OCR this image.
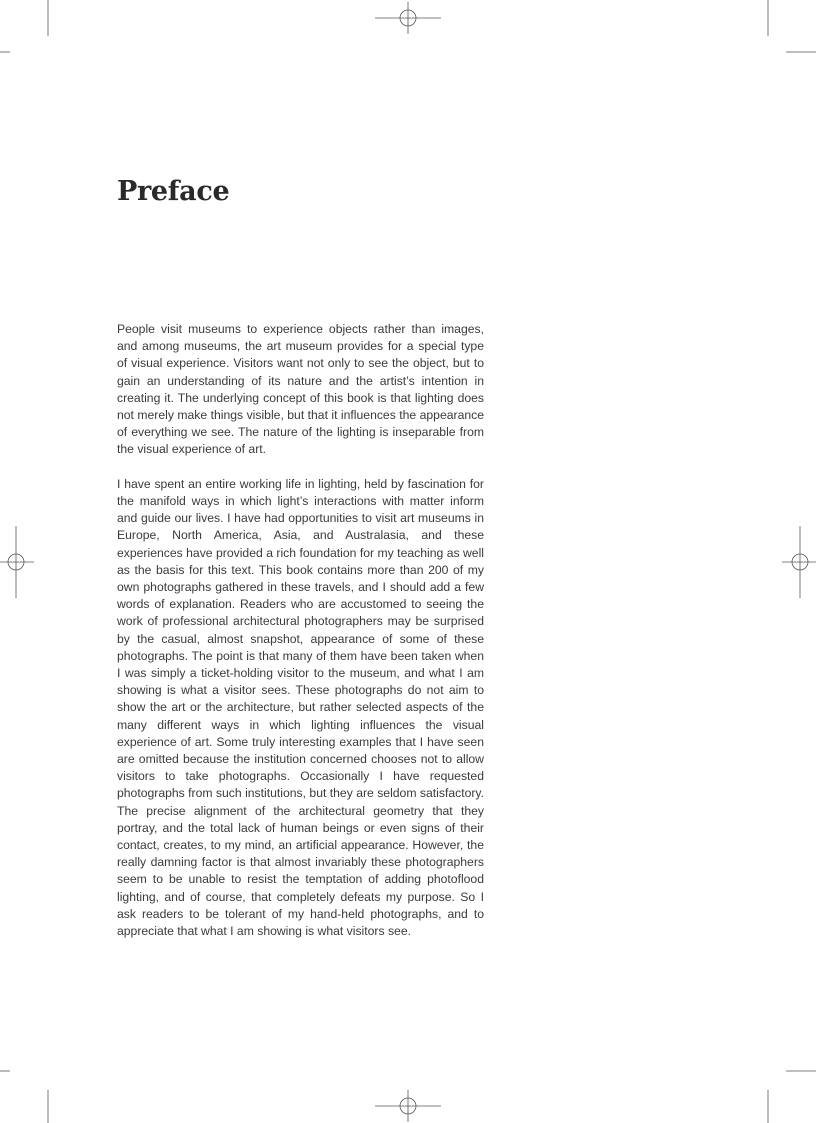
Preface

People visit museums to experience objects rather than images, and among museums, the art museum provides for a special type of visual experience. Visitors want not only to see the object, but to gain an understanding of its nature and the artist’s intention in creating it. The underlying concept of this book is that lighting does not merely make things visible, but that it influences the appearance of everything we see. The nature of the lighting is inseparable from the visual experience of art.

I have spent an entire working life in lighting, held by fascination for the manifold ways in which light’s interactions with matter inform and guide our lives. I have had opportunities to visit art museums in Europe, North America, Asia, and Australasia, and these experiences have provided a rich foundation for my teaching as well as the basis for this text. This book contains more than 200 of my own photographs gathered in these travels, and I should add a few words of explanation. Readers who are accustomed to seeing the work of professional architectural photographers may be surprised by the casual, almost snapshot, appearance of some of these photographs. The point is that many of them have been taken when I was simply a ticket-holding visitor to the museum, and what I am showing is what a visitor sees. These photographs do not aim to show the art or the architecture, but rather selected aspects of the many different ways in which lighting influences the visual experience of art. Some truly interesting examples that I have seen are omitted because the institution concerned chooses not to allow visitors to take photographs. Occasionally I have requested photographs from such institutions, but they are seldom satisfactory. The precise alignment of the architectural geometry that they portray, and the total lack of human beings or even signs of their contact, creates, to my mind, an artificial appearance. However, the really damning factor is that almost invariably these photographers seem to be unable to resist the temptation of adding photoflood lighting, and of course, that completely defeats my purpose. So I ask readers to be tolerant of my hand-held photographs, and to appreciate that what I am showing is what visitors see.
